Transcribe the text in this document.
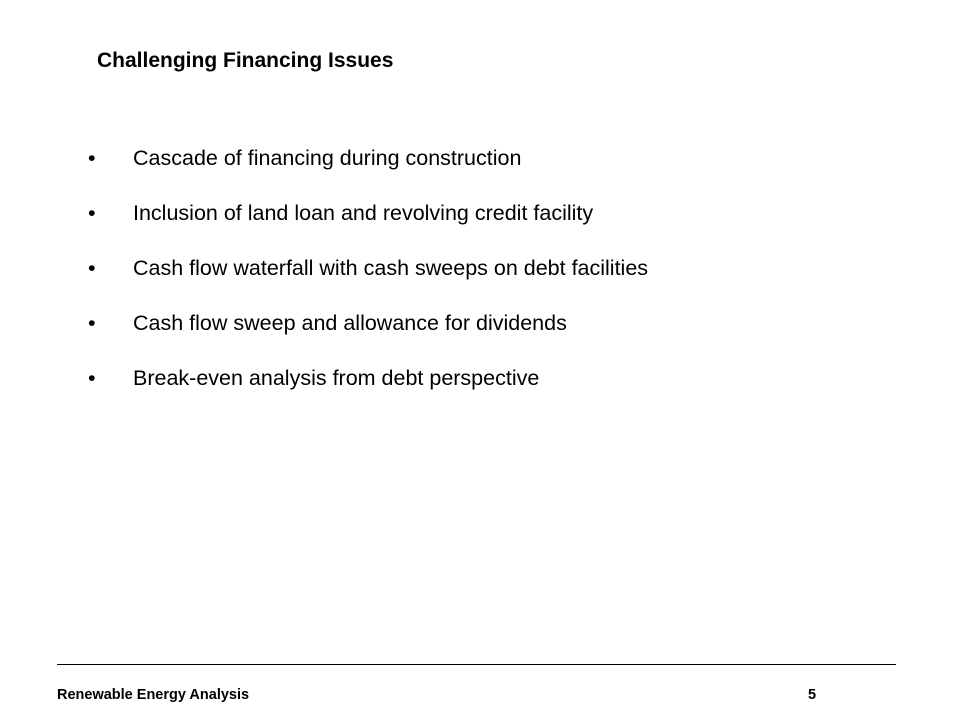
Challenging Financing Issues
•	Cascade of financing during construction
•	Inclusion of land loan and revolving credit facility
•	Cash flow waterfall with cash sweeps on debt facilities
•	Cash flow sweep and allowance for dividends
•	Break-even analysis from debt perspective
Renewable Energy Analysis	5
